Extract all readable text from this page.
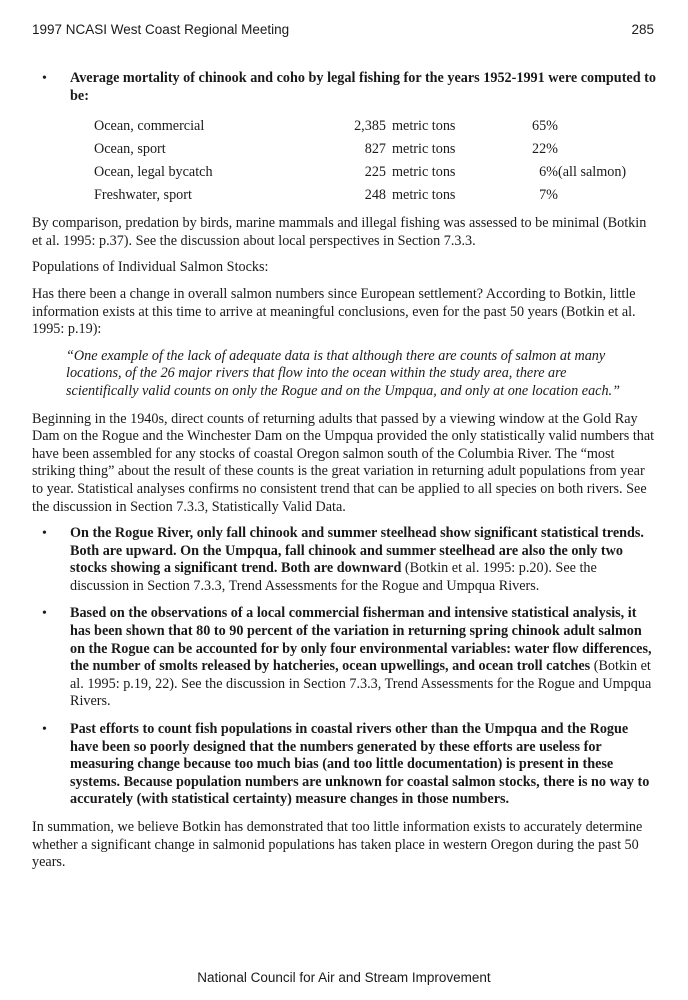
1997 NCASI West Coast Regional Meeting	285
• Average mortality of chinook and coho by legal fishing for the years 1952-1991 were computed to be:
Ocean, commercial	2,385	metric tons	65%	
Ocean, sport	827	metric tons	22%	
Ocean, legal bycatch	225	metric tons	6%	(all salmon)
Freshwater, sport	248	metric tons	7%	

By comparison, predation by birds, marine mammals and illegal fishing was assessed to be minimal (Botkin et al. 1995: p.37). See the discussion about local perspectives in Section 7.3.3.

Populations of Individual Salmon Stocks:

Has there been a change in overall salmon numbers since European settlement? According to Botkin, little information exists at this time to arrive at meaningful conclusions, even for the past 50 years (Botkin et al. 1995: p.19):

“One example of the lack of adequate data is that although there are counts of salmon at many locations, of the 26 major rivers that flow into the ocean within the study area, there are scientifically valid counts on only the Rogue and on the Umpqua, and only at one location each.”

Beginning in the 1940s, direct counts of returning adults that passed by a viewing window at the Gold Ray Dam on the Rogue and the Winchester Dam on the Umpqua provided the only statistically valid numbers that have been assembled for any stocks of coastal Oregon salmon south of the Columbia River. The “most striking thing” about the result of these counts is the great variation in returning adult populations from year to year. Statistical analyses confirms no consistent trend that can be applied to all species on both rivers. See the discussion in Section 7.3.3, Statistically Valid Data.

• On the Rogue River, only fall chinook and summer steelhead show significant statistical trends. Both are upward. On the Umpqua, fall chinook and summer steelhead are also the only two stocks showing a significant trend. Both are downward (Botkin et al. 1995: p.20). See the discussion in Section 7.3.3, Trend Assessments for the Rogue and Umpqua Rivers.
• Based on the observations of a local commercial fisherman and intensive statistical analysis, it has been shown that 80 to 90 percent of the variation in returning spring chinook adult salmon on the Rogue can be accounted for by only four environmental variables: water flow differences, the number of smolts released by hatcheries, ocean upwellings, and ocean troll catches (Botkin et al. 1995: p.19, 22). See the discussion in Section 7.3.3, Trend Assessments for the Rogue and Umpqua Rivers.
• Past efforts to count fish populations in coastal rivers other than the Umpqua and the Rogue have been so poorly designed that the numbers generated by these efforts are useless for measuring change because too much bias (and too little documentation) is present in these systems. Because population numbers are unknown for coastal salmon stocks, there is no way to accurately (with statistical certainty) measure changes in those numbers.

In summation, we believe Botkin has demonstrated that too little information exists to accurately determine whether a significant change in salmonid populations has taken place in western Oregon during the past 50 years.

National Council for Air and Stream Improvement
